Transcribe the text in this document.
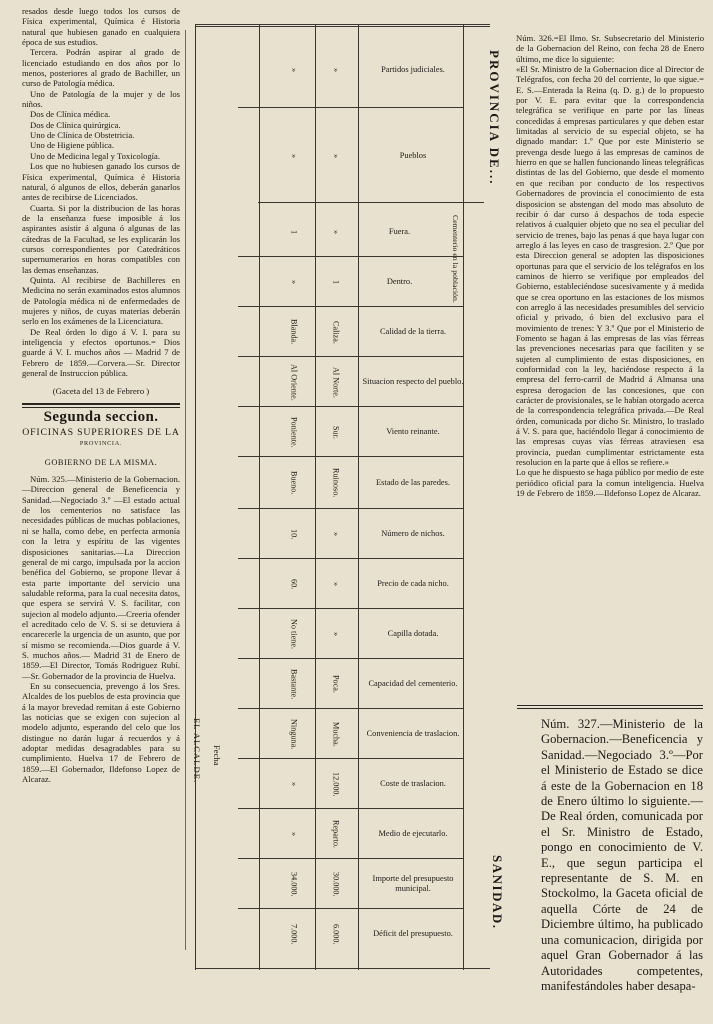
resados desde luego todos los cursos de Física experimental, Química é Historia natural que hubiesen ganado en cualquiera época de sus estudios.

Tercera. Podrán aspirar al grado de licenciado estudiando en dos años por lo menos, posteriores al grado de Bachiller, un curso de Patología médica.

Uno de Patología de la mujer y de los niños.

Dos de Clínica médica.

Dos de Clínica quirúrgica.

Uno de Clínica de Obstetricia.

Uno de Higiene pública.

Uno de Medicina legal y Toxicología.

Los que no hubiesen ganado los cursos de Física experimental, Química é Historia natural, ó algunos de ellos, deberán ganarlos antes de recibirse de Licenciados.

Cuarta. Si por la distribucion de las horas de la enseñanza fuese imposible á los aspirantes asistir á alguna ó algunas de las cátedras de la Facultad, se les explicarán los cursos correspondientes por Catedráticos supernumerarios en horas compatibles con las demas enseñanzas.

Quinta. Al recibirse de Bachilleres en Medicina no serán examinados estos alumnos de Patología médica ni de enfermedades de mujeres y niños, de cuyas materias deberán serlo en los exámenes de la Licenciatura.

De Real órden lo digo á V. I. para su inteligencia y efectos oportunos.= Dios guarde á V. I. muchos años — Madrid 7 de Febrero de 1859.—Corvera.—Sr. Director general de Instruccion pública.

(Gaceta del 13 de Febrero )
Segunda seccion.
OFICINAS SUPERIORES DE LA
PROVINCIA.
GOBIERNO DE LA MISMA.

Núm. 325.—Ministerio de la Gobernacion.—Direccion general de Beneficencia y Sanidad.—Negociado 3.º —El estado actual de los cementerios no satisface las necesidades públicas de muchas poblaciones, ni se halla, como debe, en perfecta armonía con la letra y espíritu de las vigentes disposiciones sanitarias.—La Direccion general de mi cargo, impulsada por la accion benéfica del Gobierno, se propone llevar á esta parte importante del servicio una saludable reforma, para la cual necesita datos, que espera se servirá V. S. facilitar, con sujecion al modelo adjunto.—Creeria ofender el acreditado celo de V. S. si se detuviera á encarecerle la urgencia de un asunto, que por sí mismo se recomienda.—Dios guarde á V. S. muchos años.— Madrid 31 de Enero de 1859.—El Director, Tomás Rodriguez Rubí.—Sr. Gobernador de la provincia de Huelva.

En su consecuencia, prevengo á los Sres. Alcaldes de los pueblos de esta provincia que á la mayor brevedad remitan á este Gobierno las noticias que se exigen con sujecion al modelo adjunto, esperando del celo que los distingue no darán lugar á recuerdos y á adoptar medidas desagradables para su cumplimiento. Huelva 17 de Febrero de 1859.—El Gobernador, Ildefonso Lopez de Alcaraz.

PROVINCIA DE...
SANIDAD.
EL ALCALDE. Fecha
Cementerio en la población.
Partidos judiciales.
»	»
Pueblos
»	»
Fuera.
1	»
Dentro.
»	1
Calidad de la tierra.
Blanda.	Caliza.
Situacion respecto del pueblo.
Al Oriente.	Al Norte.
Viento reinante.
Poniente.	Sur.
Estado de las paredes.
Bueno.	Ruinoso.
Número de nichos.
10.	»
Precio de cada nicho.
60.	»
Capilla dotada.
No tiene.	»
Capacidad del cementerio.
Bastante.	Poca.
Conveniencia de traslacion.
Ninguna.	Mucha.
Coste de traslacion.
»	12.000.
Medio de ejecutarlo.
»	Reparto.
Importe del presupuesto municipal.
34.000.	30.000.
Déficit del presupuesto.
7.000.	6.000.

Núm. 326.=El Ilmo. Sr. Subsecretario del Ministerio de la Gobernacion del Reino, con fecha 28 de Enero último, me dice lo siguiente:

«El Sr. Ministro de la Gobernacion dice al Director de Telégrafos, con fecha 20 del corriente, lo que sigue.= E. S.—Enterada la Reina (q. D. g.) de lo propuesto por V. E. para evitar que la correspondencia telegráfica se verifique en parte por las líneas concedidas á empresas particulares y que deben estar limitadas al servicio de su especial objeto, se ha dignado mandar: 1.º Que por este Ministerio se prevenga desde luego á las empresas de caminos de hierro en que se hallen funcionando líneas telegráficas distintas de las del Gobierno, que desde el momento en que reciban por conducto de los respectivos Gobernadores de provincia el conocimiento de esta disposicion se abstengan del modo mas absoluto de recibir ó dar curso á despachos de toda especie relativos á cualquier objeto que no sea el peculiar del servicio de trenes, bajo las penas á que haya lugar con arreglo á las leyes en caso de trasgresion. 2.º Que por esta Direccion general se adopten las disposiciones oportunas para que el servicio de los telégrafos en los caminos de hierro se verifique por empleados del Gobierno, estableciéndose sucesivamente y á medida que se crea oportuno en las estaciones de los mismos con arreglo á las necesidades presumibles del servicio oficial y privado, ó bien del exclusivo para el movimiento de trenes: Y 3.º Que por el Ministerio de Fomento se hagan á las empresas de las vías férreas las prevenciones necesarias para que faciliten y se sujeten al cumplimiento de estas disposiciones, en conformidad con la ley, haciéndose respecto á la empresa del ferro-carril de Madrid á Almansa una espresa derogacion de las concesiones, que con carácter de provisionales, se le habían otorgado acerca de la correspondencia telegráfica privada.—De Real órden, comunicada por dicho Sr. Ministro, lo traslado á V. S. para que, haciéndolo llegar á conocimiento de las empresas cuyas vías férreas atraviesen esa provincia, puedan cumplimentar estrictamente esta resolucion en la parte que á ellos se refiere.»

Lo que he dispuesto se haga público por medio de este periódico oficial para la comun inteligencia. Huelva 19 de Febrero de 1859.—Ildefonso Lopez de Alcaraz.

Núm. 327.—Ministerio de la Gobernacion.—Beneficencia y Sanidad.—Negociado 3.º—Por el Ministerio de Estado se dice á este de la Gobernacion en 18 de Enero último lo siguiente.—De Real órden, comunicada por el Sr. Ministro de Estado, pongo en conocimiento de V. E., que segun participa el representante de S. M. en Stockolmo, la Gaceta oficial de aquella Córte de 24 de Diciembre último, ha publicado una comunicacion, dirigida por aquel Gran Gobernador á las Autoridades competentes, manifestándoles haber desapa-
